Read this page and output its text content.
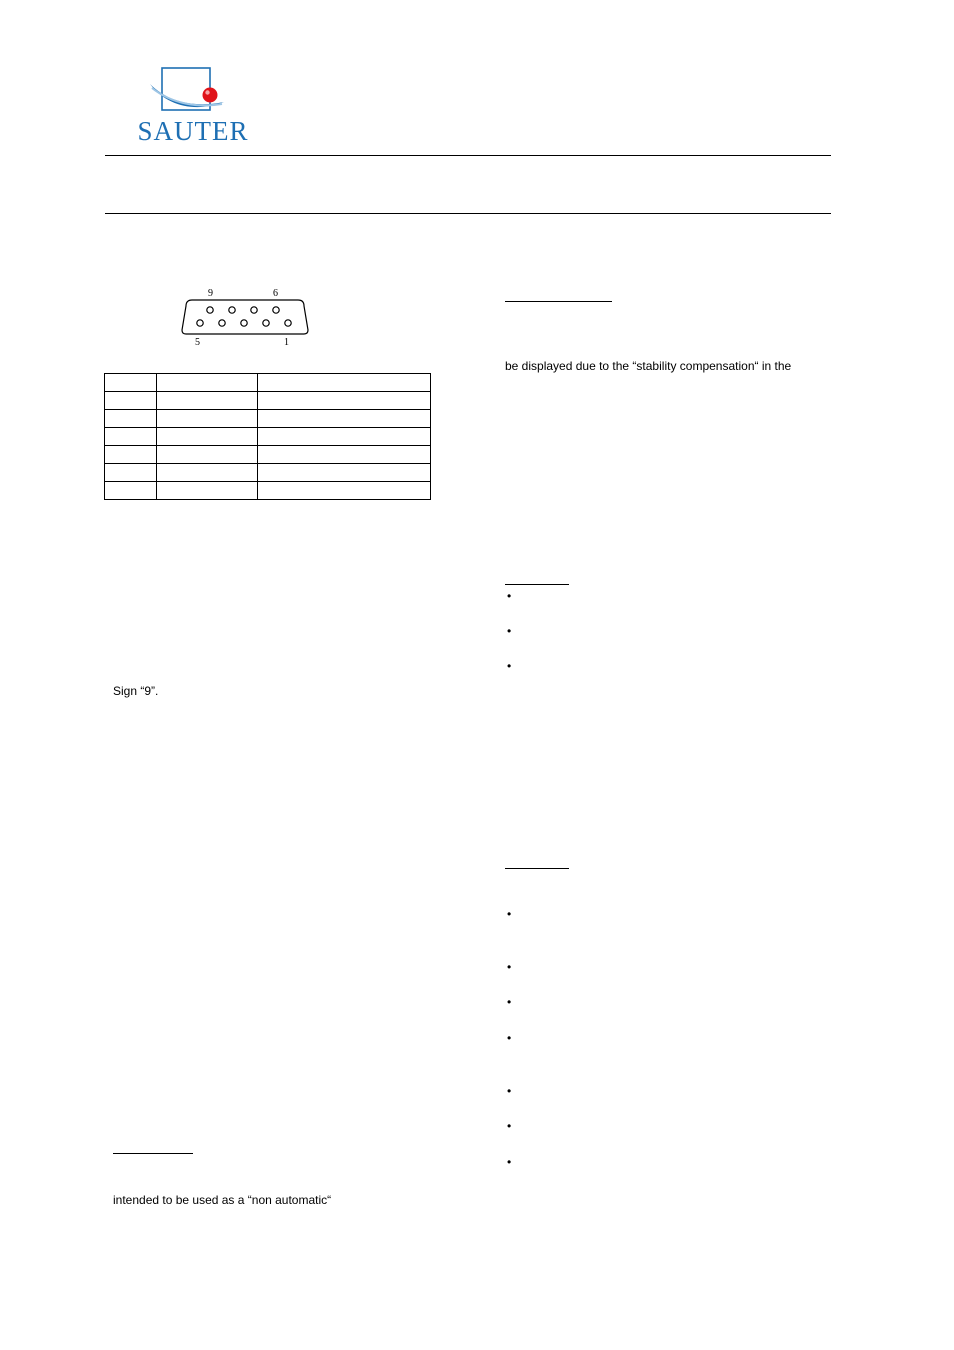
SAUTER
9	6
5	1

Sign “9”.
intended to be used as a “non automatic“
be displayed due to the “stability compensation“ in the
•
•
•
•
•
•
•
•
•
•
